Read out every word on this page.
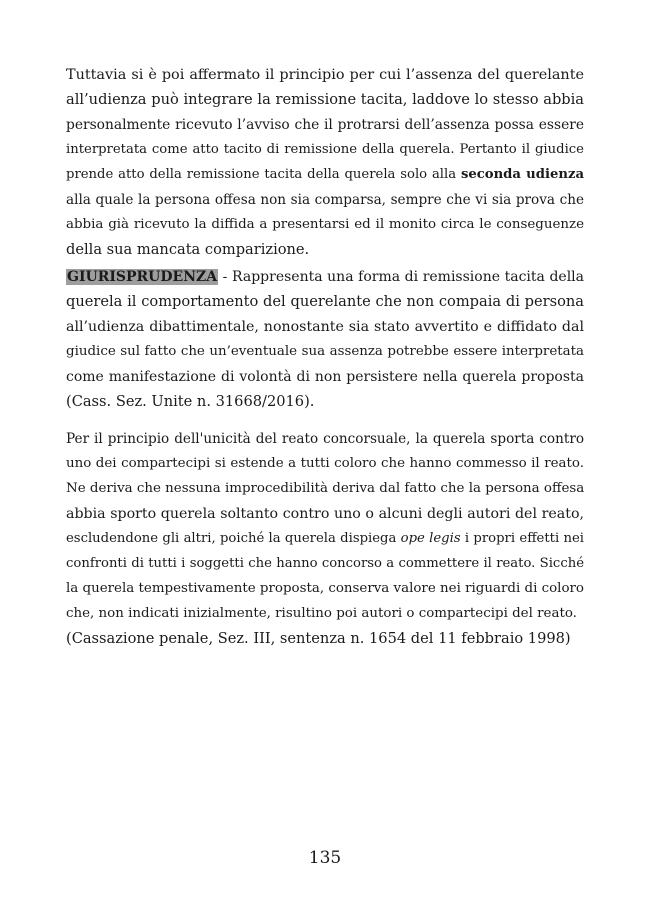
Tuttavia si è poi affermato il principio per cui l’assenza del querelante
all’udienza può integrare la remissione tacita, laddove lo stesso abbia
personalmente ricevuto l’avviso che il protrarsi dell’assenza possa essere
interpretata come atto tacito di remissione della querela. Pertanto il giudice
prende atto della remissione tacita della querela solo alla seconda udienza
alla quale la persona offesa non sia comparsa, sempre che vi sia prova che
abbia già ricevuto la diffida a presentarsi ed il monito circa le conseguenze
della sua mancata comparizione.
GIURISPRUDENZA - Rappresenta una forma di remissione tacita della
querela il comportamento del querelante che non compaia di persona
all’udienza dibattimentale, nonostante sia stato avvertito e diffidato dal
giudice sul fatto che un’eventuale sua assenza potrebbe essere interpretata
come manifestazione di volontà di non persistere nella querela proposta
(Cass. Sez. Unite n. 31668/2016).
Per il principio dell'unicità del reato concorsuale, la querela sporta contro
uno dei compartecipi si estende a tutti coloro che hanno commesso il reato.
Ne deriva che nessuna improcedibilità deriva dal fatto che la persona offesa
abbia sporto querela soltanto contro uno o alcuni degli autori del reato,
escludendone gli altri, poiché la querela dispiega ope legis i propri effetti nei
confronti di tutti i soggetti che hanno concorso a commettere il reato. Sicché
la querela tempestivamente proposta, conserva valore nei riguardi di coloro
che, non indicati inizialmente, risultino poi autori o compartecipi del reato.
(Cassazione penale, Sez. III, sentenza n. 1654 del 11 febbraio 1998)
135
